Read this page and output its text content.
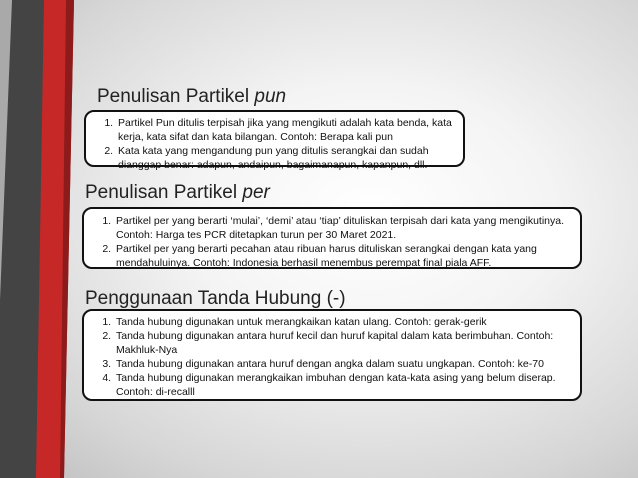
Penulisan Partikel pun
1. Partikel Pun ditulis terpisah jika yang mengikuti adalah kata benda, kata kerja, kata sifat dan kata bilangan. Contoh: Berapa kali pun
2. Kata kata yang mengandung pun yang ditulis serangkai dan sudah dianggap benar: adapun, andaipun, bagaimanapun, kapanpun, dll.
Penulisan Partikel per
1. Partikel per yang berarti ‘mulai’, ‘demi’ atau ‘tiap’ dituliskan terpisah dari kata yang mengikutinya. Contoh: Harga tes PCR ditetapkan turun per 30 Maret 2021.
2. Partikel per yang berarti pecahan atau ribuan harus dituliskan serangkai dengan kata yang mendahuluinya. Contoh: Indonesia berhasil menembus perempat final piala AFF.
Penggunaan Tanda Hubung (-)
1. Tanda hubung digunakan untuk merangkaikan katan ulang. Contoh: gerak-gerik
2. Tanda hubung digunakan antara huruf kecil dan huruf kapital dalam kata berimbuhan. Contoh: Makhluk-Nya
3. Tanda hubung digunakan antara huruf dengan angka dalam suatu ungkapan. Contoh: ke-70
4. Tanda hubung digunakan merangkaikan imbuhan dengan kata-kata asing yang belum diserap. Contoh: di-recalll
